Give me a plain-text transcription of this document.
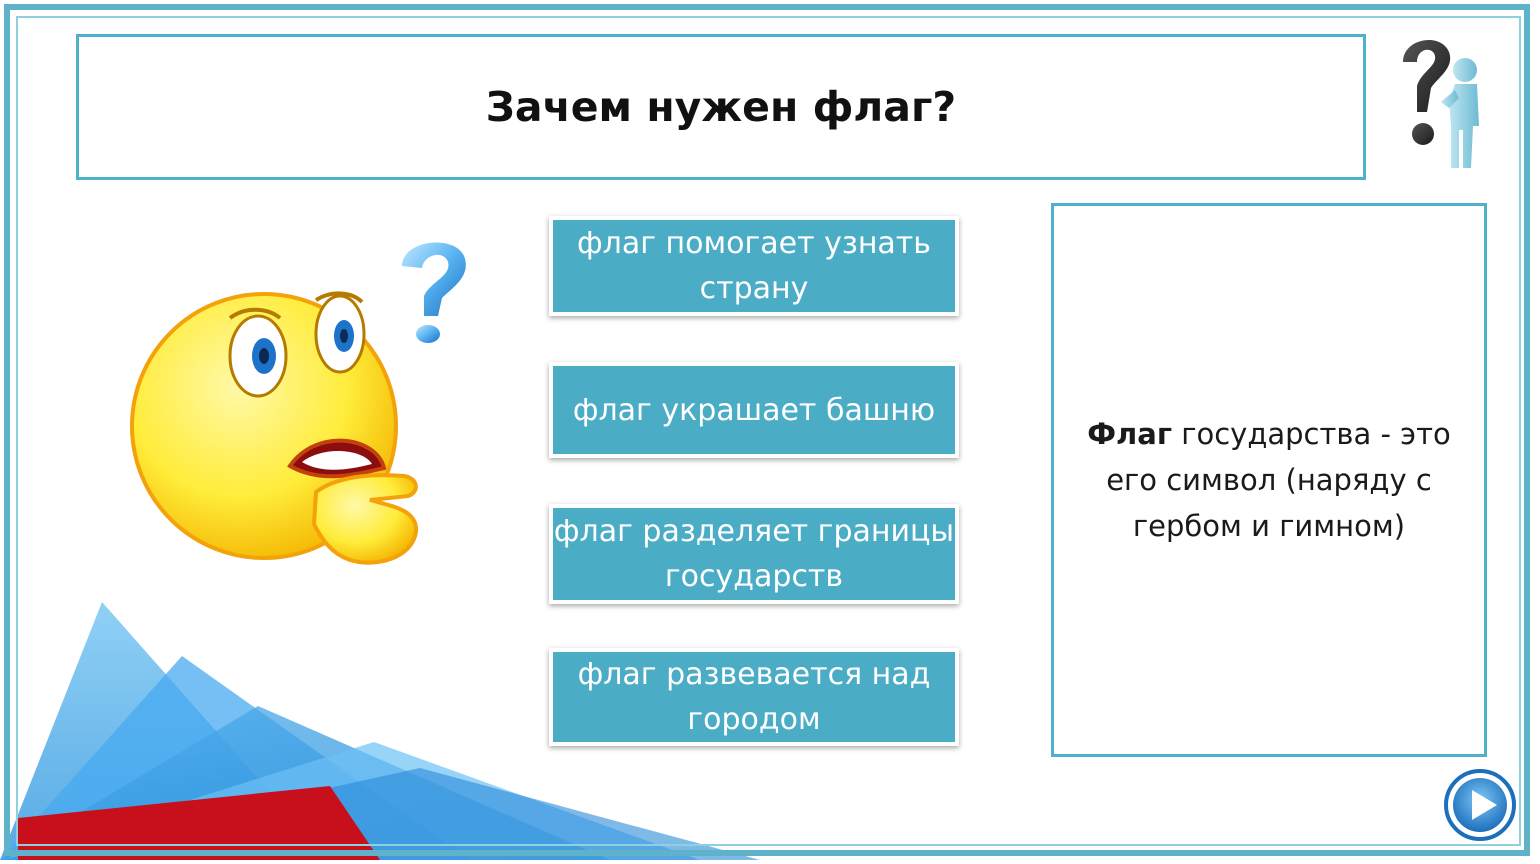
Зачем нужен флаг?
флаг помогает узнать страну
флаг украшает башню
флаг разделяет границы государств
флаг развевается над городом
Флаг государства - это его символ (наряду с гербом и гимном)
